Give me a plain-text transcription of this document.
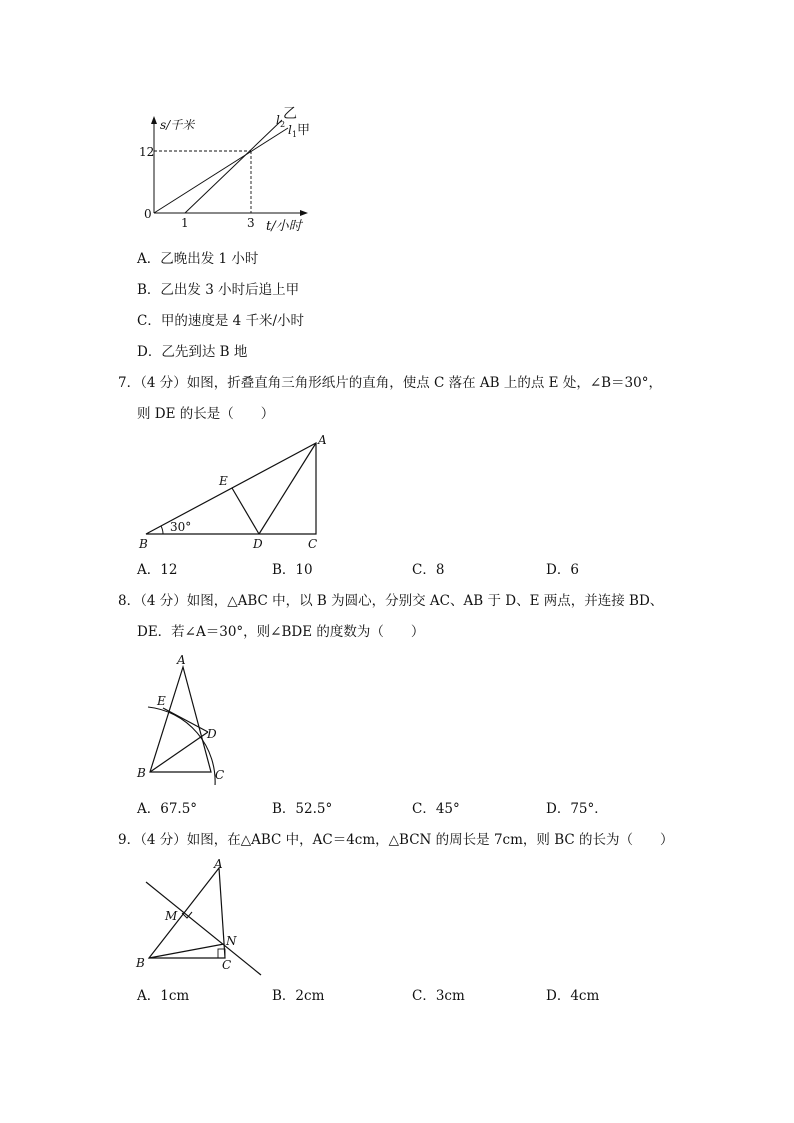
s/千米
12
0
1	3 t/小时
l 2
乙
l 1 甲
A．乙晚出发 1 小时
B．乙出发 3 小时后追上甲
C．甲的速度是 4 千米/小时
D．乙先到达 B 地
7．（4 分）如图，折叠直角三角形纸片的直角，使点 C 落在 AB 上的点 E 处，∠B＝30°，
则 DE 的长是（　　）
30°
A
B	C
D
E
A．12	B．10	C．8	D．6
8．（4 分）如图，△ABC 中，以 B 为圆心，分别交 AC、AB 于 D、E 两点，并连接 BD、
DE．若∠A＝30°，则∠BDE 的度数为（　　）
A
B	C
D
E
A．67.5°	B．52.5°	C．45°	D．75°．
9．（4 分）如图，在△ABC 中，AC＝4cm，△BCN 的周长是 7cm，则 BC 的长为（　　）
A
B	C
M
N
A．1cm	B．2cm	C．3cm	D．4cm
